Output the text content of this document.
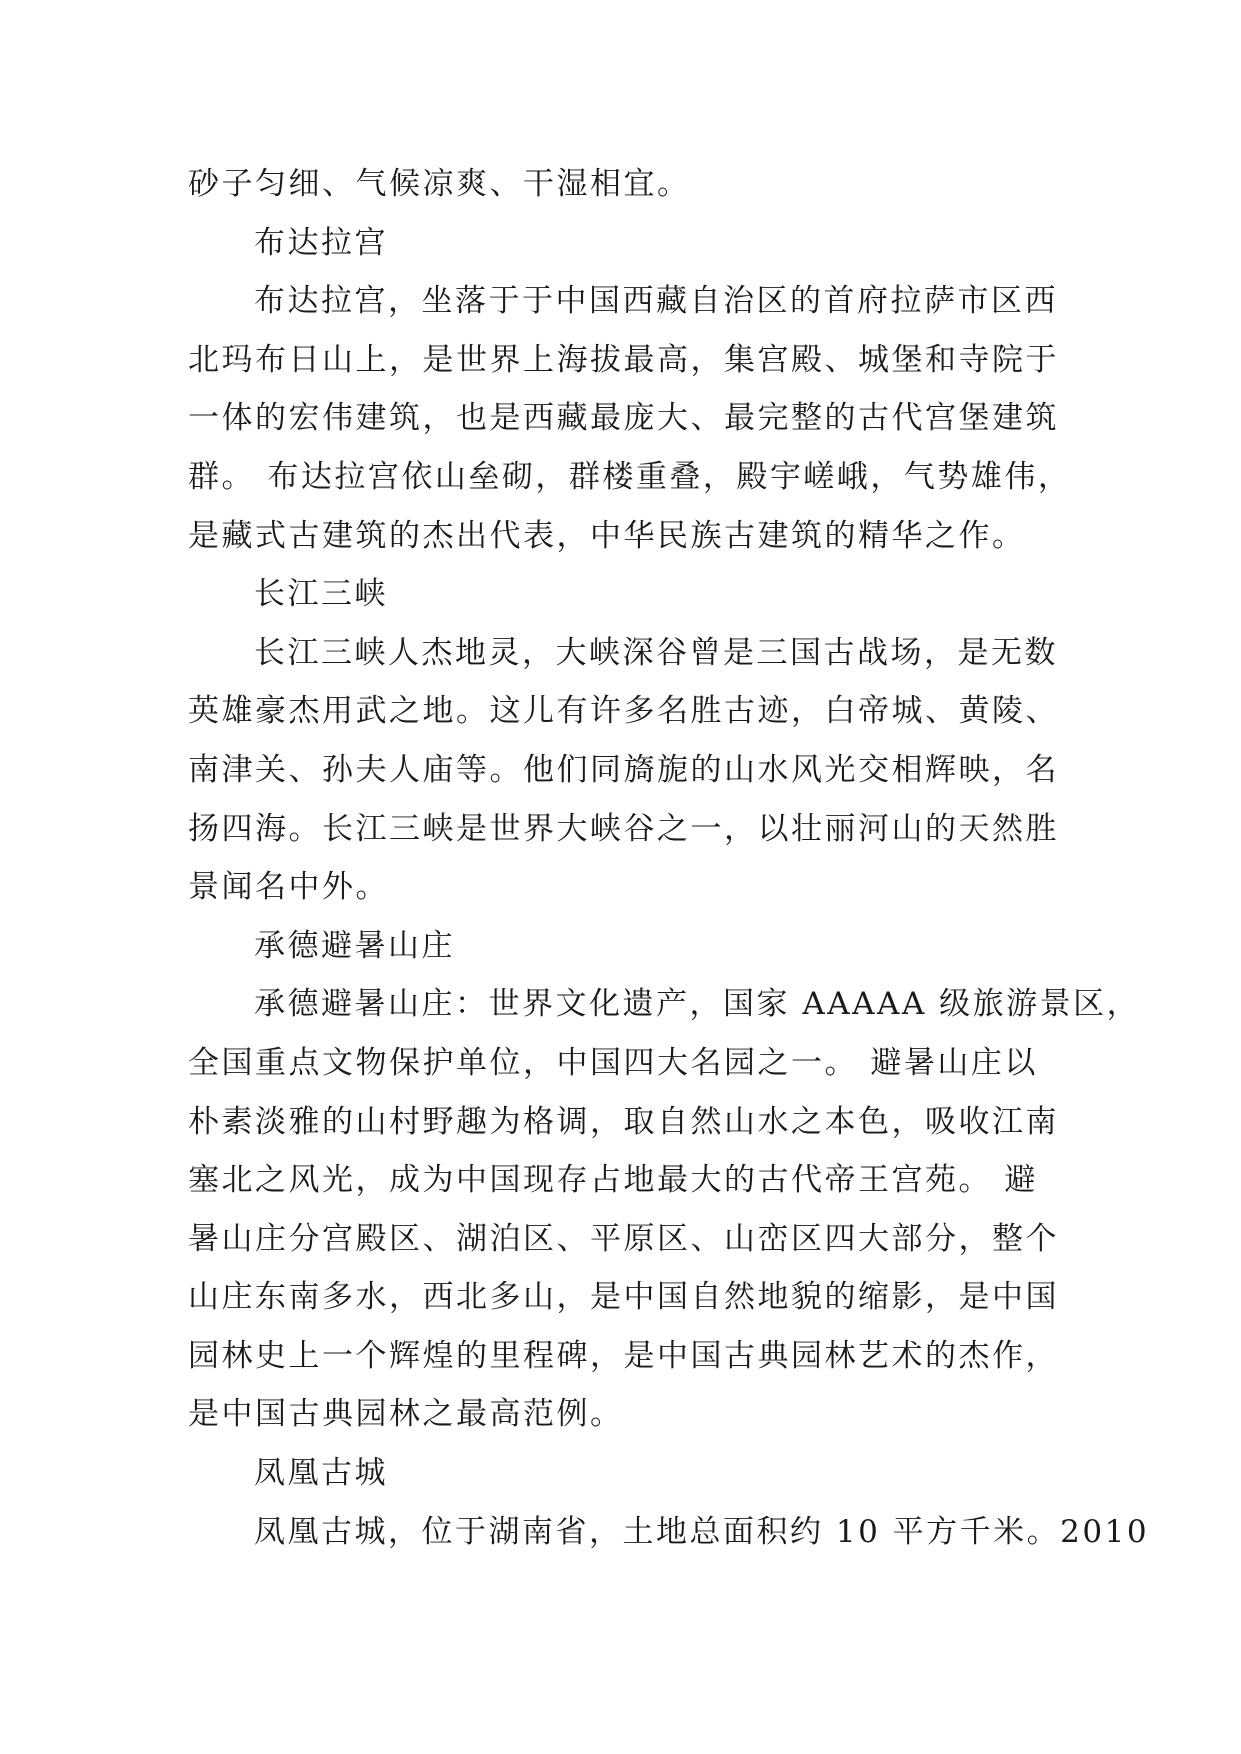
砂子匀细、气候凉爽、干湿相宜。
布达拉宫
布达拉宫，坐落于于中国西藏自治区的首府拉萨市区西
北玛布日山上，是世界上海拔最高，集宫殿、城堡和寺院于
一体的宏伟建筑，也是西藏最庞大、最完整的古代宫堡建筑
群。 布达拉宫依山垒砌，群楼重叠，殿宇嵯峨，气势雄伟，
是藏式古建筑的杰出代表，中华民族古建筑的精华之作。
长江三峡
长江三峡人杰地灵，大峡深谷曾是三国古战场，是无数
英雄豪杰用武之地。这儿有许多名胜古迹，白帝城、黄陵、
南津关、孙夫人庙等。他们同旖旎的山水风光交相辉映，名
扬四海。长江三峡是世界大峡谷之一，以壮丽河山的天然胜
景闻名中外。
承德避暑山庄
承德避暑山庄：世界文化遗产，国家 AAAAA 级旅游景区，
全国重点文物保护单位，中国四大名园之一。 避暑山庄以
朴素淡雅的山村野趣为格调，取自然山水之本色，吸收江南
塞北之风光，成为中国现存占地最大的古代帝王宫苑。 避
暑山庄分宫殿区、湖泊区、平原区、山峦区四大部分，整个
山庄东南多水，西北多山，是中国自然地貌的缩影，是中国
园林史上一个辉煌的里程碑，是中国古典园林艺术的杰作，
是中国古典园林之最高范例。
凤凰古城
凤凰古城，位于湖南省，土地总面积约 10 平方千米。2010
